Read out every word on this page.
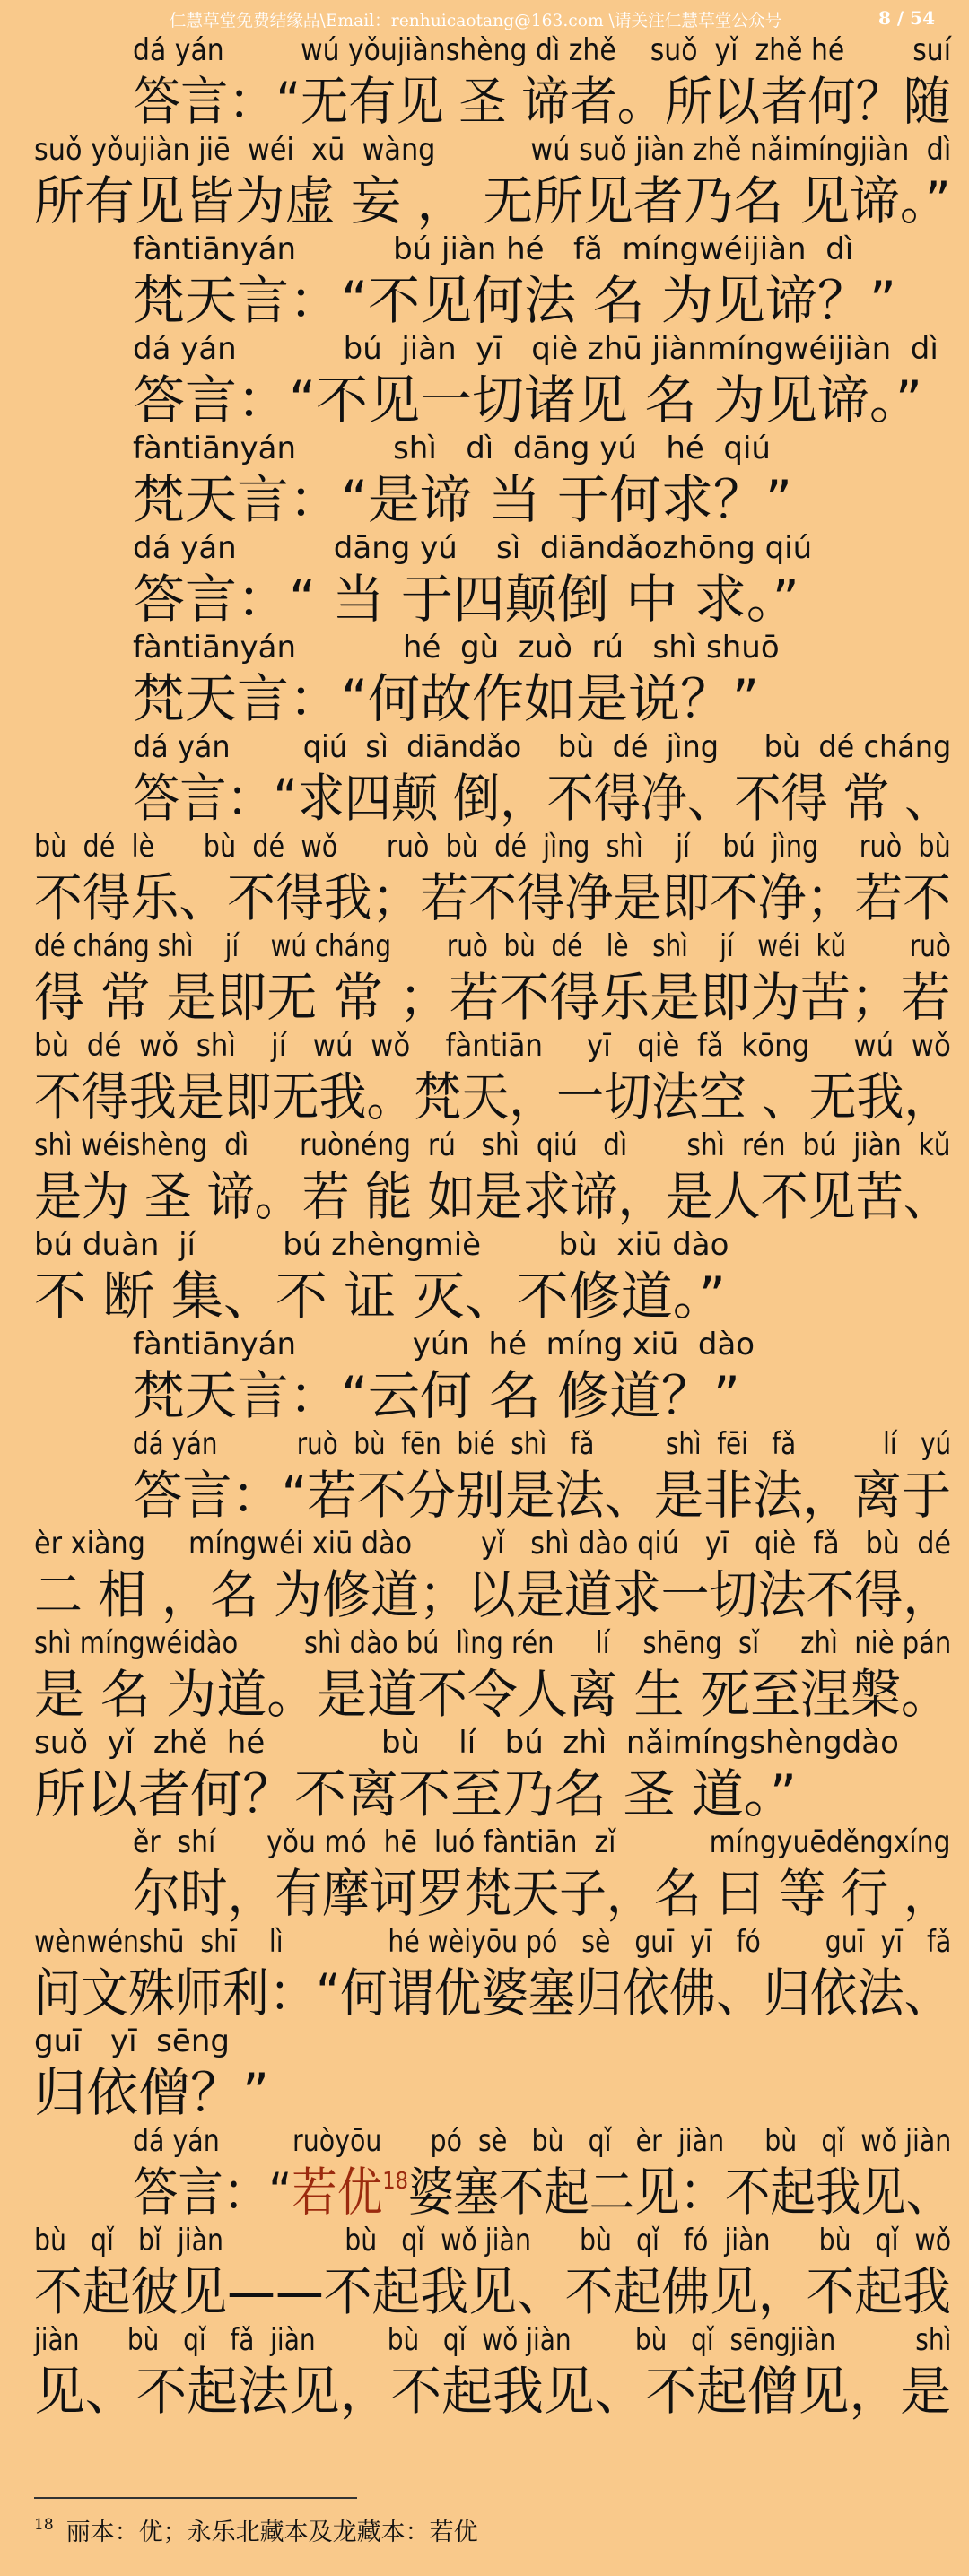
仁慧草堂免费结缘品\Email：renhuicaotang@163.com \请关注仁慧草堂公众号	8 / 54
dá yán         wú yǒujiànshèng dì zhě    suǒ  yǐ  zhě hé        suí
答言：“无有见 圣 谛者。所以者何？随
suǒ yǒujiàn jiē  wéi  xū  wàng           wú suǒ jiàn zhě nǎimíngjiàn  dì
所有见皆为虚 妄 ， 无所见者乃名 见谛。”
fàntiānyán          bú jiàn hé   fǎ  míngwéijiàn  dì
梵天言：“不见何法 名 为见谛？”
dá yán           bú  jiàn  yī   qiè zhū jiànmíngwéijiàn  dì
答言：“不见一切诸见 名 为见谛。”
fàntiānyán          shì   dì  dāng yú   hé  qiú
梵天言：“是谛 当 于何求？”
dá yán          dāng yú    sì  diāndǎozhōng qiú
答言：“ 当 于四颠倒 中 求。”
fàntiānyán           hé  gù  zuò  rú   shì shuō
梵天言：“何故作如是说？”
dá yán        qiú  sì  diāndǎo    bù  dé  jìng     bù  dé cháng
答言：“求四颠 倒，不得净、不得 常 、
bù  dé  lè      bù  dé  wǒ      ruò  bù  dé  jìng  shì    jí    bú  jìng     ruò  bù
不得乐、不得我；若不得净是即不净；若不
dé cháng shì    jí    wú cháng       ruò  bù  dé   lè   shì    jí   wéi  kǔ        ruò
得 常 是即无 常 ；若不得乐是即为苦；若
bù  dé  wǒ  shì    jí   wú  wǒ    fàntiān     yī   qiè  fǎ  kōng     wú  wǒ
不得我是即无我。梵天，一切法空 、无我，
shì wéishèng  dì      ruònéng  rú   shì  qiú   dì       shì  rén  bú  jiàn  kǔ
是为 圣 谛。若 能 如是求谛，是人不见苦、
bú duàn  jí         bú zhèngmiè        bù  xiū dào
不 断 集、不 证 灭、不修道。”
fàntiānyán            yún  hé  míng xiū  dào
梵天言：“云何 名 修道？”
dá yán          ruò  bù  fēn  bié  shì   fǎ         shì  fēi   fǎ           lí   yú
答言：“若不分别是法、是非法，离于
èr xiàng     míngwéi xiū dào        yǐ   shì dào qiú   yī   qiè  fǎ   bù  dé
二 相 ，名 为修道；以是道求一切法不得，
shì míngwéidào        shì dào bú  lìng rén     lí    shēng  sǐ     zhì  niè pán
是 名 为道。是道不令人离 生 死至涅槃。
suǒ  yǐ  zhě  hé            bù    lí   bú  zhì  nǎimíngshèngdào
所以者何？不离不至乃名 圣 道。”
ěr  shí      yǒu mó  hē  luó fàntiān  zǐ           míngyuēděngxíng
尔时，有摩诃罗梵天子，名 曰 等 行 ，
wènwénshū  shī    lì             hé wèiyōu pó   sè   guī  yī   fó        guī  yī   fǎ
问文殊师利：“何谓优婆塞归依佛、归依法、
guī   yī  sēng
归依僧？”
dá yán         ruòyōu      pó  sè   bù   qǐ   èr  jiàn     bù   qǐ  wǒ jiàn
答言：“若优$^{18}$婆塞不起二见：不起我见、
bù   qǐ   bǐ  jiàn               bù   qǐ  wǒ jiàn      bù   qǐ   fó  jiàn      bù   qǐ  wǒ
不起彼见——不起我见、不起佛见，不起我
jiàn      bù   qǐ   fǎ  jiàn         bù   qǐ  wǒ jiàn        bù   qǐ  sēngjiàn          shì
见、不起法见，不起我见、不起僧见，是
$^{18}$ 丽本：优；永乐北藏本及龙藏本：若优
